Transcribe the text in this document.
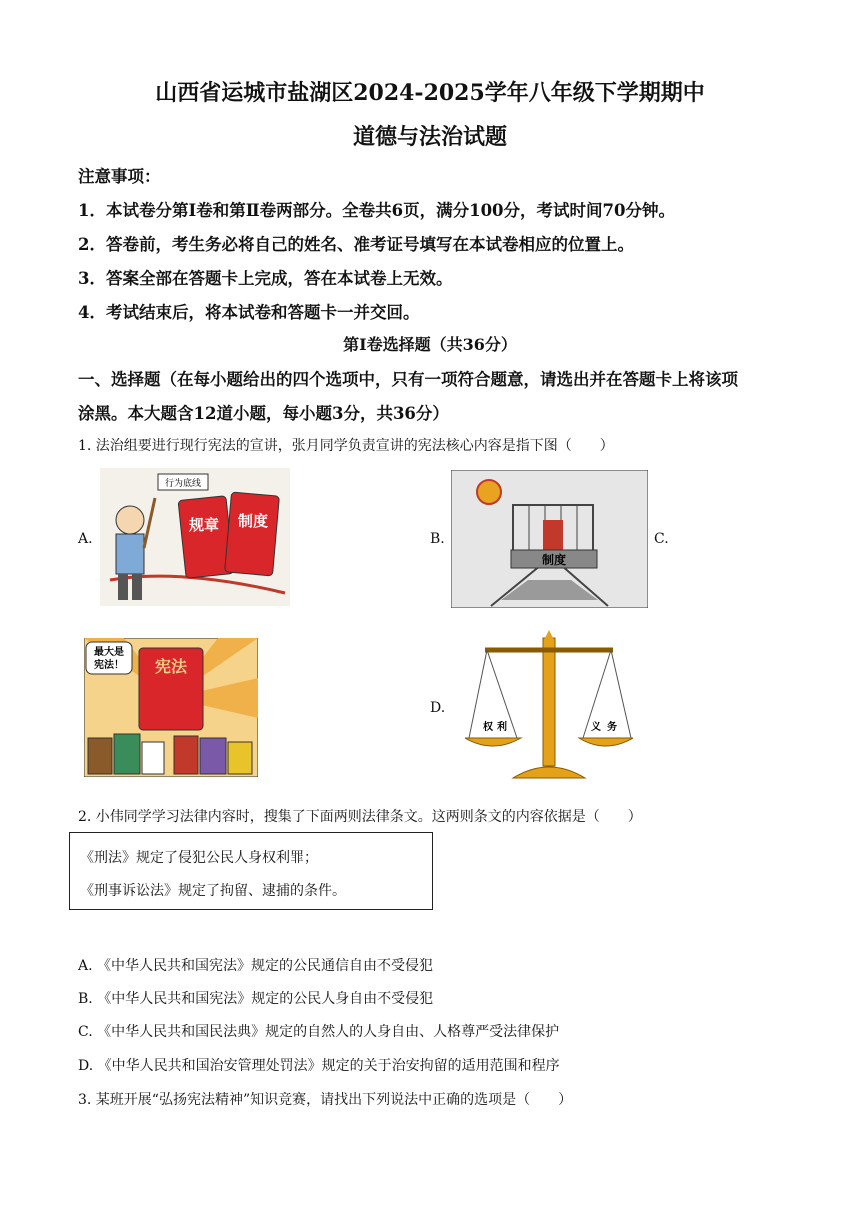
山西省运城市盐湖区2024-2025学年八年级下学期期中
道德与法治试题
注意事项：
1．本试卷分第Ⅰ卷和第Ⅱ卷两部分。全卷共6页，满分100分，考试时间70分钟。
2．答卷前，考生务必将自己的姓名、准考证号填写在本试卷相应的位置上。
3．答案全部在答题卡上完成，答在本试卷上无效。
4．考试结束后，将本试卷和答题卡一并交回。
第Ⅰ卷选择题（共36分）
一、选择题（在每小题给出的四个选项中，只有一项符合题意，请选出并在答题卡上将该项
涂黑。本大题含12道小题，每小题3分，共36分）
1. 法治组要进行现行宪法的宣讲，张月同学负责宣讲的宪法核心内容是指下图（　　）
A.	B.	C.
D.
行为底线
规章 制度
制度
最大是
宪法！ 宪法
权 利	义 务
2. 小伟同学学习法律内容时，搜集了下面两则法律条文。这两则条文的内容依据是（　　）
《刑法》规定了侵犯公民人身权利罪；
《刑事诉讼法》规定了拘留、逮捕的条件。
A. 《中华人民共和国宪法》规定的公民通信自由不受侵犯
B. 《中华人民共和国宪法》规定的公民人身自由不受侵犯
C. 《中华人民共和国民法典》规定的自然人的人身自由、人格尊严受法律保护
D. 《中华人民共和国治安管理处罚法》规定的关于治安拘留的适用范围和程序
3. 某班开展“弘扬宪法精神”知识竞赛，请找出下列说法中正确的选项是（　　）
